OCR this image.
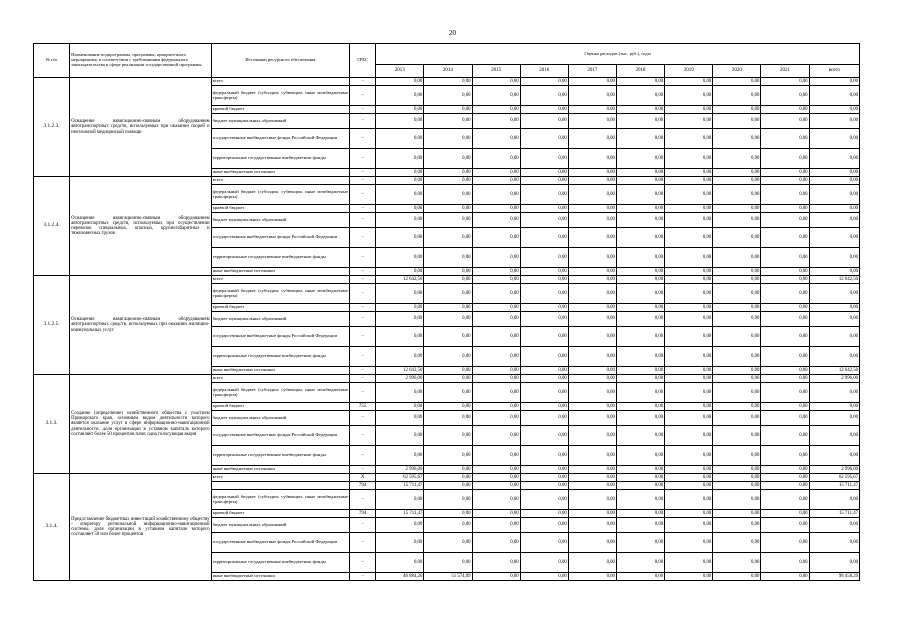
20
№ п/п	Наименование подпрограммы, программы, приоритетного мероприятия, в соответствии с требованиями федерального законодательства в сфере реализации государственной программы	Источники ресурсного обеспечения	ГРБС	Оценка расходов (тыс. руб.), годы									
				2013	2014	2015	2016	2017	2018	2019	2020	2021	всего
3.1.2.3.	Оснащение навигационно-связным оборудованием автотранспортных средств, используемых при оказании скорой и неотложной медицинской помощи	всего	-	0,00	0,00	0,00	0,00	0,00	0,00	0,00	0,00	0,00	0,00
		федеральный бюджет (субсидии, субвенции, иные межбюджетные трансферты)	-	0,00	0,00	0,00	0,00	0,00	0,00	0,00	0,00	0,00	0,00
		краевой бюджет	-	0,00	0,00	0,00	0,00	0,00	0,00	0,00	0,00	0,00	0,00
		бюджет муниципальных образований	-	0,00	0,00	0,00	0,00	0,00	0,00	0,00	0,00	0,00	0,00
		государственные внебюджетные фонды Российской Федерации	-	0,00	0,00	0,00	0,00	0,00	0,00	0,00	0,00	0,00	0,00
		территориальные государственные внебюджетные фонды	-	0,00	0,00	0,00	0,00	0,00	0,00	0,00	0,00	0,00	0,00
		иные внебюджетные источники	-	0,00	0,00	0,00	0,00	0,00	0,00	0,00	0,00	0,00	0,00
3.1.2.4.	Оснащение навигационно-связным оборудованием автотранспортных средств, используемых при осуществлении перевозок специальных, опасных, крупногабаритных и тяжеловесных грузов	всего	-	0,00	0,00	0,00	0,00	0,00	0,00	0,00	0,00	0,00	0,00
		федеральный бюджет (субсидии, субвенции, иные межбюджетные трансферты)	-	0,00	0,00	0,00	0,00	0,00	0,00	0,00	0,00	0,00	0,00
		краевой бюджет	-	0,00	0,00	0,00	0,00	0,00	0,00	0,00	0,00	0,00	0,00
		бюджет муниципальных образований	-	0,00	0,00	0,00	0,00	0,00	0,00	0,00	0,00	0,00	0,00
		государственные внебюджетные фонды Российской Федерации	-	0,00	0,00	0,00	0,00	0,00	0,00	0,00	0,00	0,00	0,00
		территориальные государственные внебюджетные фонды	-	0,00	0,00	0,00	0,00	0,00	0,00	0,00	0,00	0,00	0,00
		иные внебюджетные источники	-	0,00	0,00	0,00	0,00	0,00	0,00	0,00	0,00	0,00	0,00
3.1.2.5.	Оснащение навигационно-связным оборудованием автотранспортных средств, используемых при оказании жилищно-коммунальных услуг	всего	-	12 642,50	0,00	0,00	0,00	0,00	0,00	0,00	0,00	0,00	12 642,50
		федеральный бюджет (субсидии, субвенции, иные межбюджетные трансферты)	-	0,00	0,00	0,00	0,00	0,00	0,00	0,00	0,00	0,00	0,00
		краевой бюджет	-	0,00	0,00	0,00	0,00	0,00	0,00	0,00	0,00	0,00	0,00
		бюджет муниципальных образований	-	0,00	0,00	0,00	0,00	0,00	0,00	0,00	0,00	0,00	0,00
		государственные внебюджетные фонды Российской Федерации	-	0,00	0,00	0,00	0,00	0,00	0,00	0,00	0,00	0,00	0,00
		территориальные государственные внебюджетные фонды	-	0,00	0,00	0,00	0,00	0,00	0,00	0,00	0,00	0,00	0,00
		иные внебюджетные источники	-	12 642,50	0,00	0,00	0,00	0,00	0,00	0,00	0,00	0,00	12 642,50
3.1.3.	Создание (определение) хозяйственного общества с участием Приморского края, основным видом деятельности которого является оказание услуг в сфере информационно-навигационной деятельности, доля организации в уставном капитале которого составляет более 50 процентов плюс одна голосующая акция	всего	-	2 996,00	0,00	0,00	0,00	0,00	0,00	0,00	0,00	0,00	2 996,00
		федеральный бюджет (субсидии, субвенции, иные межбюджетные трансферты)	-	0,00	0,00	0,00	0,00	0,00	0,00	0,00	0,00	0,00	0,00
		краевой бюджет	755	0,00	0,00	0,00	0,00	0,00	0,00	0,00	0,00	0,00	0,00
		бюджет муниципальных образований	-	0,00	0,00	0,00	0,00	0,00	0,00	0,00	0,00	0,00	0,00
		государственные внебюджетные фонды Российской Федерации	-	0,00	0,00	0,00	0,00	0,00	0,00	0,00	0,00	0,00	0,00
		территориальные государственные внебюджетные фонды	-	0,00	0,00	0,00	0,00	0,00	0,00	0,00	0,00	0,00	0,00
		иные внебюджетные источники	-	2 996,00	0,00	0,00	0,00	0,00	0,00	0,00	0,00	0,00	2 996,00
3.1.4.	Предоставление бюджетных инвестиций хозяйственному обществу - оператору региональной информационно-навигационной системы, доля организации в уставном капитале которого составляет 50 или более процентов	всего	X	62 595,67	0,00	0,00	0,00	0,00	0,00	0,00	0,00	0,00	62 595,67
			794	15 711,47	0,00	0,00	0,00	0,00	0,00	0,00	0,00	0,00	15 711,47
		федеральный бюджет (субсидии, субвенции, иные межбюджетные трансферты)	-	0,00	0,00	0,00	0,00	0,00	0,00	0,00	0,00	0,00	0,00
		краевой бюджет	794	15 711,47	0,00	0,00	0,00	0,00	0,00	0,00	0,00	0,00	15 711,47
		бюджет муниципальных образований	-	0,00	0,00	0,00	0,00	0,00	0,00	0,00	0,00	0,00	0,00
		государственные внебюджетные фонды Российской Федерации	-	0,00	0,00	0,00	0,00	0,00	0,00	0,00	0,00	0,00	0,00
		территориальные государственные внебюджетные фонды	-	0,00	0,00	0,00	0,00	0,00	0,00	0,00	0,00	0,00	0,00
		иные внебюджетные источники	-	46 884,20	51 574,09	0,00	0,00	0,00	0,00	0,00	0,00	0,00	98 458,29
